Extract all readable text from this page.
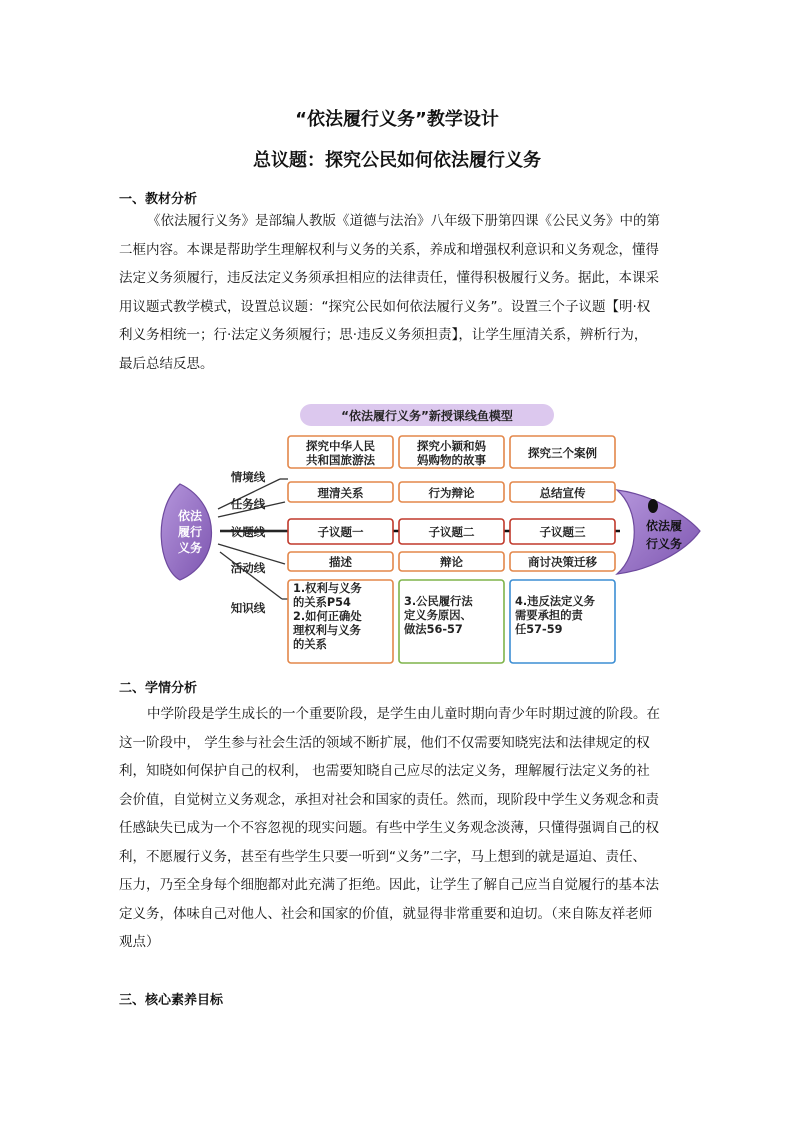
“依法履行义务”教学设计
总议题：探究公民如何依法履行义务
一、教材分析

《依法履行义务》是部编人教版《道德与法治》八年级下册第四课《公民义务》中的第
二框内容。本课是帮助学生理解权利与义务的关系，养成和增强权利意识和义务观念，懂得
法定义务须履行，违反法定义务须承担相应的法律责任，懂得积极履行义务。据此，本课采
用议题式教学模式，设置总议题：“探究公民如何依法履行义务”。设置三个子议题【明·权
利义务相统一；行·法定义务须履行；思·违反义务须担责】，让学生厘清关系，辨析行为，
最后总结反思。

“依法履行义务”新授课线鱼模型
依法
履行
义务
依法履
行义务
情境线
任务线
议题线
活动线
知识线
探究中华人民
共和国旅游法
探究小颖和妈
妈购物的故事	探究三个案例
理清关系	行为辩论	总结宣传
子议题一	子议题二	子议题三
描述	辩论	商讨决策迁移
1.权利与义务
的关系P54
2.如何正确处
理权利与义务
的关系
3.公民履行法
定义务原因、
做法56-57
4.违反法定义务
需要承担的责
任57-59
二、学情分析

中学阶段是学生成长的一个重要阶段，是学生由儿童时期向青少年时期过渡的阶段。在
这一阶段中， 学生参与社会生活的领域不断扩展，他们不仅需要知晓宪法和法律规定的权
利，知晓如何保护自己的权利， 也需要知晓自己应尽的法定义务，理解履行法定义务的社
会价值，自觉树立义务观念，承担对社会和国家的责任。然而，现阶段中学生义务观念和责
任感缺失已成为一个不容忽视的现实问题。有些中学生义务观念淡薄，只懂得强调自己的权
利，不愿履行义务，甚至有些学生只要一听到“义务”二字，马上想到的就是逼迫、责任、
压力，乃至全身每个细胞都对此充满了拒绝。因此，让学生了解自己应当自觉履行的基本法
定义务，体味自己对他人、社会和国家的价值，就显得非常重要和迫切。（来自陈友祥老师
观点）

三、核心素养目标
